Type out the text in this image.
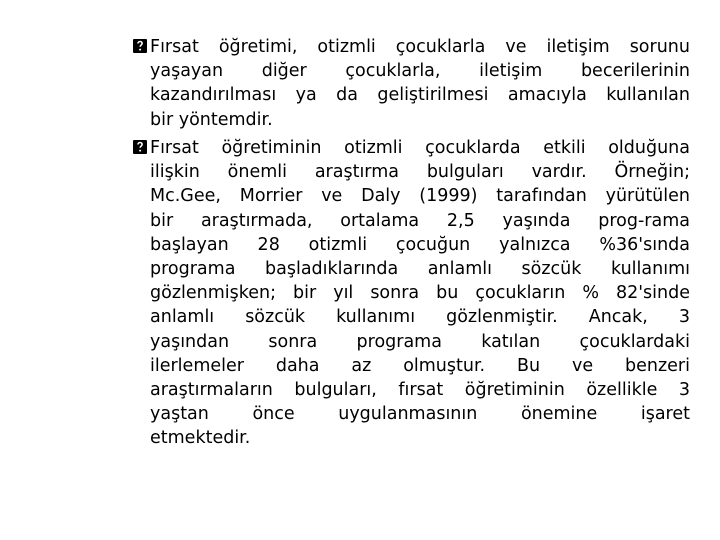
Fırsat öğretimi, otizmli çocuklarla ve iletişim sorunu
yaşayan diğer çocuklarla, iletişim becerilerinin
kazandırılması ya da geliştirilmesi amacıyla kullanılan
bir yöntemdir.
Fırsat öğretiminin otizmli çocuklarda etkili olduğuna
ilişkin önemli araştırma bulguları vardır. Örneğin;
Mc.Gee, Morrier ve Daly (1999) tarafından yürütülen
bir araştırmada, ortalama 2,5 yaşında prog-rama
başlayan 28 otizmli çocuğun yalnızca %36'sında
programa başladıklarında anlamlı sözcük kullanımı
gözlenmişken; bir yıl sonra bu çocukların % 82'sinde
anlamlı sözcük kullanımı gözlenmiştir. Ancak, 3
yaşından sonra programa katılan çocuklardaki
ilerlemeler daha az olmuştur. Bu ve benzeri
araştırmaların bulguları, fırsat öğretiminin özellikle 3
yaştan önce uygulanmasının önemine işaret
etmektedir.
